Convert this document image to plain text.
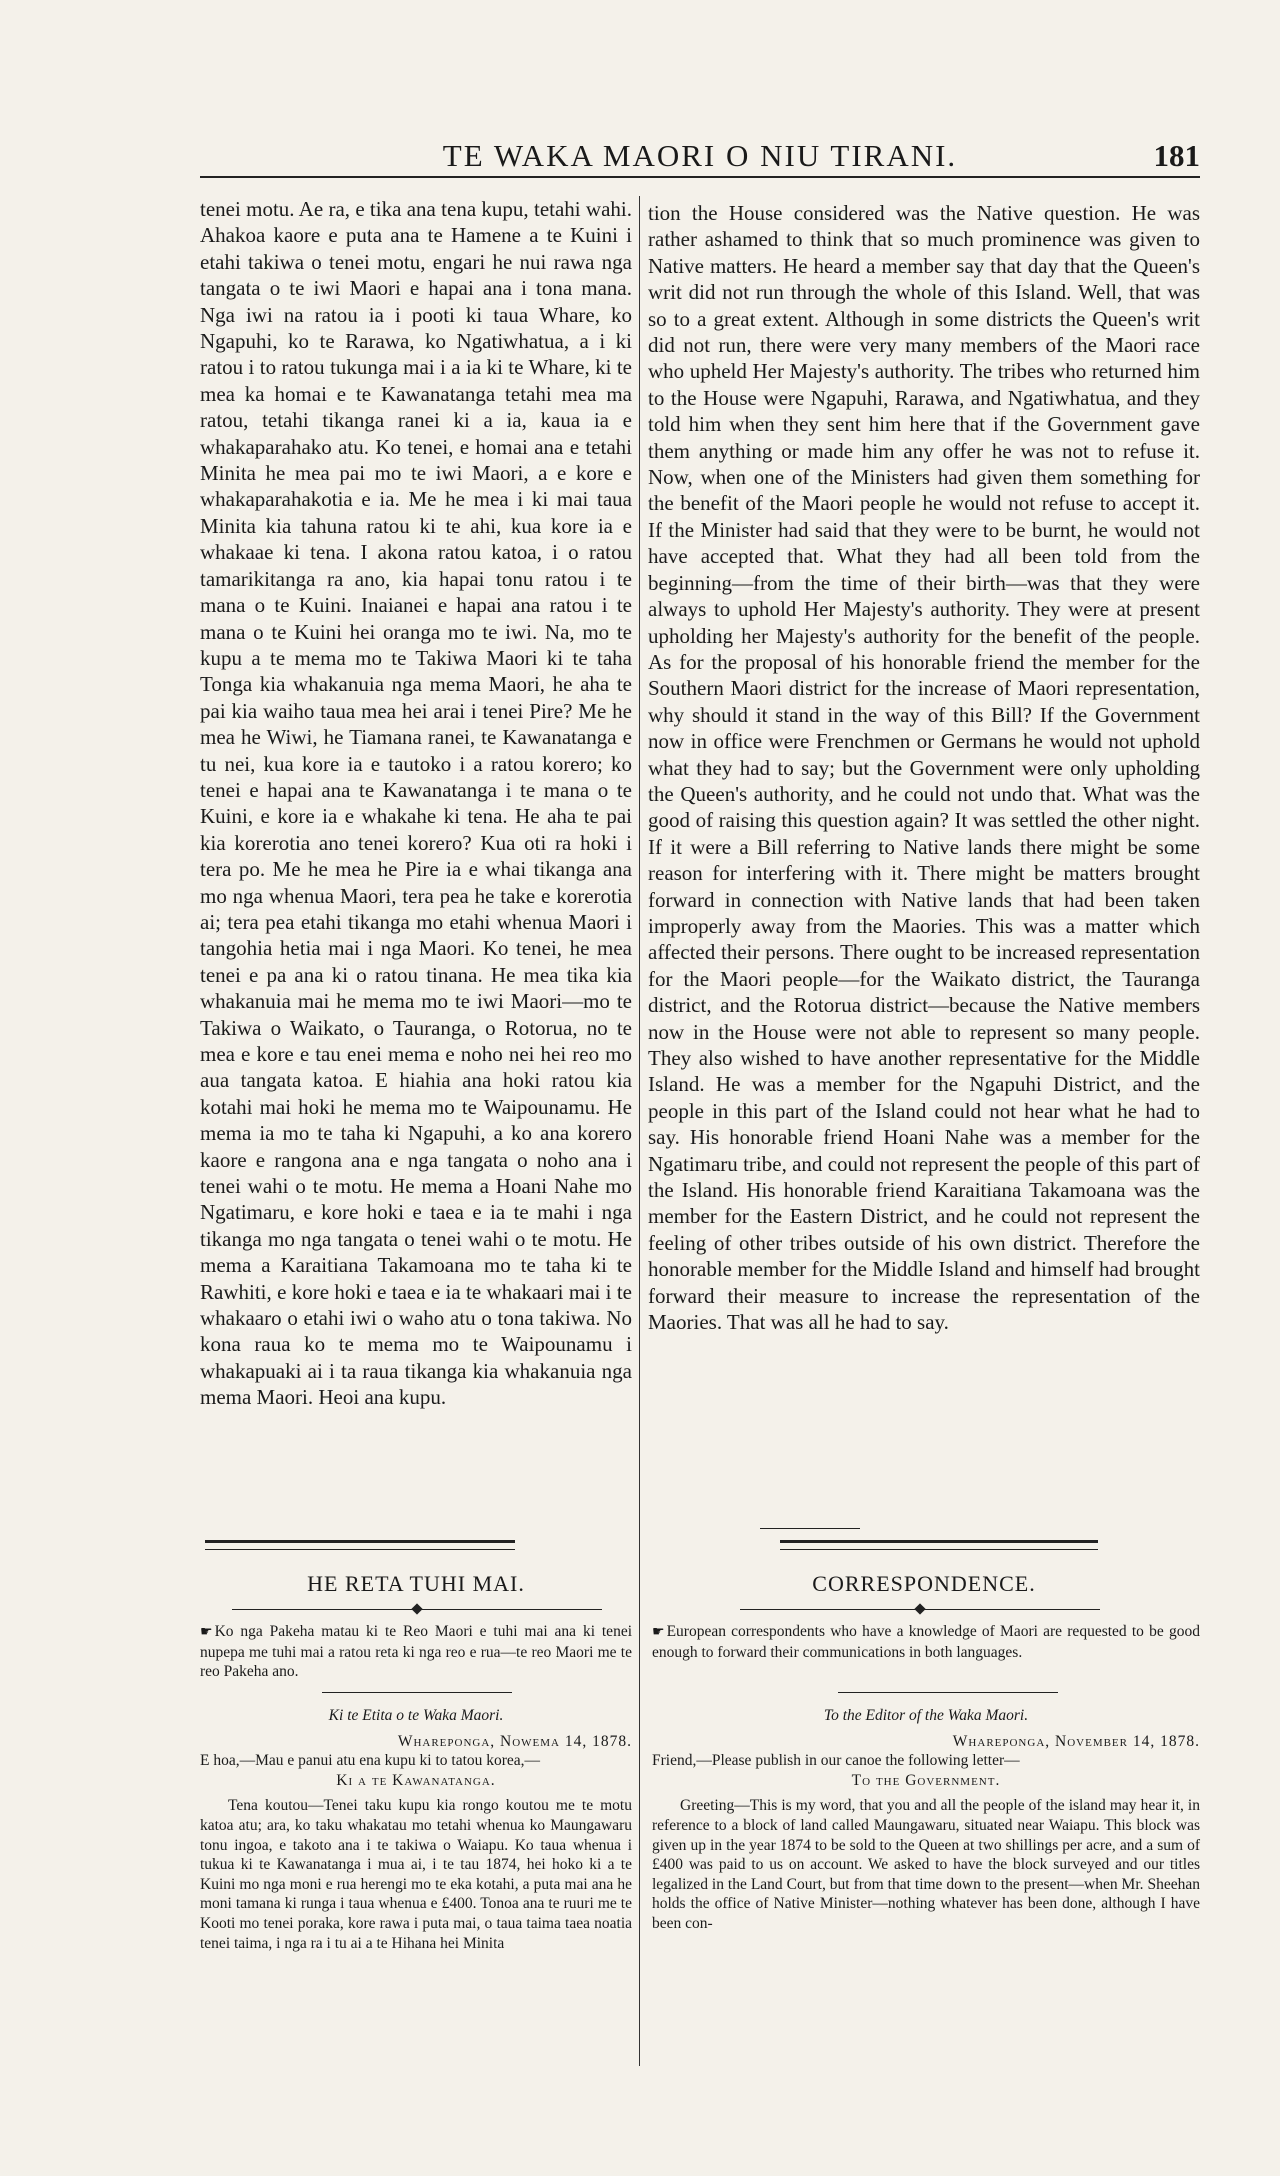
TE WAKA MAORI O NIU TIRANI.	181

tenei motu. Ae ra, e tika ana tena kupu, tetahi wahi. Ahakoa kaore e puta ana te Hamene a te Kuini i etahi takiwa o tenei motu, engari he nui rawa nga tangata o te iwi Maori e hapai ana i tona mana. Nga iwi na ratou ia i pooti ki taua Whare, ko Ngapuhi, ko te Rarawa, ko Ngatiwhatua, a i ki ratou i to ratou tukunga mai i a ia ki te Whare, ki te mea ka homai e te Kawanatanga tetahi mea ma ratou, tetahi tikanga ranei ki a ia, kaua ia e whakaparahako atu. Ko tenei, e homai ana e tetahi Minita he mea pai mo te iwi Maori, a e kore e whakaparahakotia e ia. Me he mea i ki mai taua Minita kia tahuna ratou ki te ahi, kua kore ia e whakaae ki tena. I akona ratou katoa, i o ratou tamarikitanga ra ano, kia hapai tonu ratou i te mana o te Kuini. Inaianei e hapai ana ratou i te mana o te Kuini hei oranga mo te iwi. Na, mo te kupu a te mema mo te Takiwa Maori ki te taha Tonga kia whakanuia nga mema Maori, he aha te pai kia waiho taua mea hei arai i tenei Pire? Me he mea he Wiwi, he Tiamana ranei, te Kawanatanga e tu nei, kua kore ia e tautoko i a ratou korero; ko tenei e hapai ana te Kawanatanga i te mana o te Kuini, e kore ia e whakahe ki tena. He aha te pai kia korerotia ano tenei korero? Kua oti ra hoki i tera po. Me he mea he Pire ia e whai tikanga ana mo nga whenua Maori, tera pea he take e korerotia ai; tera pea etahi tikanga mo etahi whenua Maori i tangohia hetia mai i nga Maori. Ko tenei, he mea tenei e pa ana ki o ratou tinana. He mea tika kia whakanuia mai he mema mo te iwi Maori—mo te Takiwa o Waikato, o Tauranga, o Rotorua, no te mea e kore e tau enei mema e noho nei hei reo mo aua tangata katoa. E hiahia ana hoki ratou kia kotahi mai hoki he mema mo te Waipounamu. He mema ia mo te taha ki Ngapuhi, a ko ana korero kaore e rangona ana e nga tangata o noho ana i tenei wahi o te motu. He mema a Hoani Nahe mo Ngatimaru, e kore hoki e taea e ia te mahi i nga tikanga mo nga tangata o tenei wahi o te motu. He mema a Karaitiana Takamoana mo te taha ki te Rawhiti, e kore hoki e taea e ia te whakaari mai i te whakaaro o etahi iwi o waho atu o tona takiwa. No kona raua ko te mema mo te Waipounamu i whakapuaki ai i ta raua tikanga kia whakanuia nga mema Maori. Heoi ana kupu.

tion the House considered was the Native question. He was rather ashamed to think that so much prominence was given to Native matters. He heard a member say that day that the Queen's writ did not run through the whole of this Island. Well, that was so to a great extent. Although in some districts the Queen's writ did not run, there were very many members of the Maori race who upheld Her Majesty's authority. The tribes who returned him to the House were Ngapuhi, Rarawa, and Ngatiwhatua, and they told him when they sent him here that if the Government gave them anything or made him any offer he was not to refuse it. Now, when one of the Ministers had given them something for the benefit of the Maori people he would not refuse to accept it. If the Minister had said that they were to be burnt, he would not have accepted that. What they had all been told from the beginning—from the time of their birth—was that they were always to uphold Her Majesty's authority. They were at present upholding her Majesty's authority for the benefit of the people. As for the proposal of his honorable friend the member for the Southern Maori district for the increase of Maori representation, why should it stand in the way of this Bill? If the Government now in office were Frenchmen or Germans he would not uphold what they had to say; but the Government were only upholding the Queen's authority, and he could not undo that. What was the good of raising this question again? It was settled the other night. If it were a Bill referring to Native lands there might be some reason for interfering with it. There might be matters brought forward in connection with Native lands that had been taken improperly away from the Maories. This was a matter which affected their persons. There ought to be increased representation for the Maori people—for the Waikato district, the Tauranga district, and the Rotorua district—because the Native members now in the House were not able to represent so many people. They also wished to have another representative for the Middle Island. He was a member for the Ngapuhi District, and the people in this part of the Island could not hear what he had to say. His honorable friend Hoani Nahe was a member for the Ngatimaru tribe, and could not represent the people of this part of the Island. His honorable friend Karaitiana Takamoana was the member for the Eastern District, and he could not represent the feeling of other tribes outside of his own district. Therefore the honorable member for the Middle Island and himself had brought forward their measure to increase the representation of the Maories. That was all he had to say.

HE RETA TUHI MAI.

☛ Ko nga Pakeha matau ki te Reo Maori e tuhi mai ana ki tenei nupepa me tuhi mai a ratou reta ki nga reo e rua—te reo Maori me te reo Pakeha ano.

Ki te Etita o te Waka Maori.

Whareponga, Nowema 14, 1878.

E hoa,—Mau e panui atu ena kupu ki to tatou korea,—

Ki a te Kawanatanga.

Tena koutou—Tenei taku kupu kia rongo koutou me te motu katoa atu; ara, ko taku whakatau mo tetahi whenua ko Maungawaru tonu ingoa, e takoto ana i te takiwa o Waiapu. Ko taua whenua i tukua ki te Kawanatanga i mua ai, i te tau 1874, hei hoko ki a te Kuini mo nga moni e rua herengi mo te eka kotahi, a puta mai ana he moni tamana ki runga i taua whenua e £400. Tonoa ana te ruuri me te Kooti mo tenei poraka, kore rawa i puta mai, o taua taima taea noatia tenei taima, i nga ra i tu ai a te Hihana hei Minita

CORRESPONDENCE.

☛ European correspondents who have a knowledge of Maori are requested to be good enough to forward their communications in both languages.

To the Editor of the Waka Maori.

Whareponga, November 14, 1878.

Friend,—Please publish in our canoe the following letter—

To the Government.

Greeting—This is my word, that you and all the people of the island may hear it, in reference to a block of land called Maungawaru, situated near Waiapu. This block was given up in the year 1874 to be sold to the Queen at two shillings per acre, and a sum of £400 was paid to us on account. We asked to have the block surveyed and our titles legalized in the Land Court, but from that time down to the present—when Mr. Sheehan holds the office of Native Minister—nothing whatever has been done, although I have been con-
